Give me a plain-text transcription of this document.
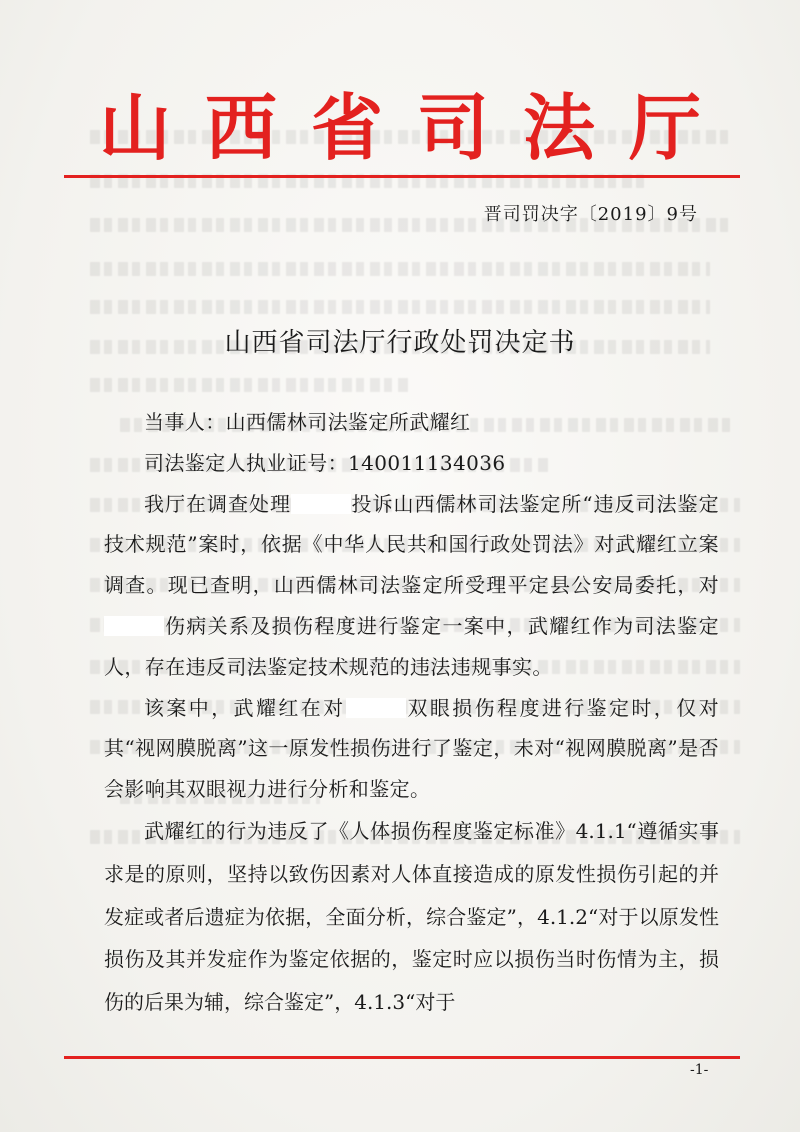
山西省司法厅
晋司罚决字〔2019〕9号
山西省司法厅行政处罚决定书

当事人：山西儒林司法鉴定所武耀红

司法鉴定人执业证号：140011134036

我厅在调查处理	投诉山西儒林司法鉴定所“违反司法鉴定技术规范”案时，依据《中华人民共和国行政处罚法》对武耀红立案调查。现已查明，山西儒林司法鉴定所受理平定县公安局委托，对伤病关系及损伤程度进行鉴定一案中，武耀红作为司法鉴定人，存在违反司法鉴定技术规范的违法违规事实。

该案中，武耀红在对	双眼损伤程度进行鉴定时，仅对其“视网膜脱离”这一原发性损伤进行了鉴定，未对“视网膜脱离”是否会影响其双眼视力进行分析和鉴定。

武耀红的行为违反了《人体损伤程度鉴定标准》4.1.1“遵循实事求是的原则，坚持以致伤因素对人体直接造成的原发性损伤引起的并发症或者后遗症为依据，全面分析，综合鉴定”，4.1.2“对于以原发性损伤及其并发症作为鉴定依据的，鉴定时应以损伤当时伤情为主，损伤的后果为辅，综合鉴定”，4.1.3“对于

-1-
